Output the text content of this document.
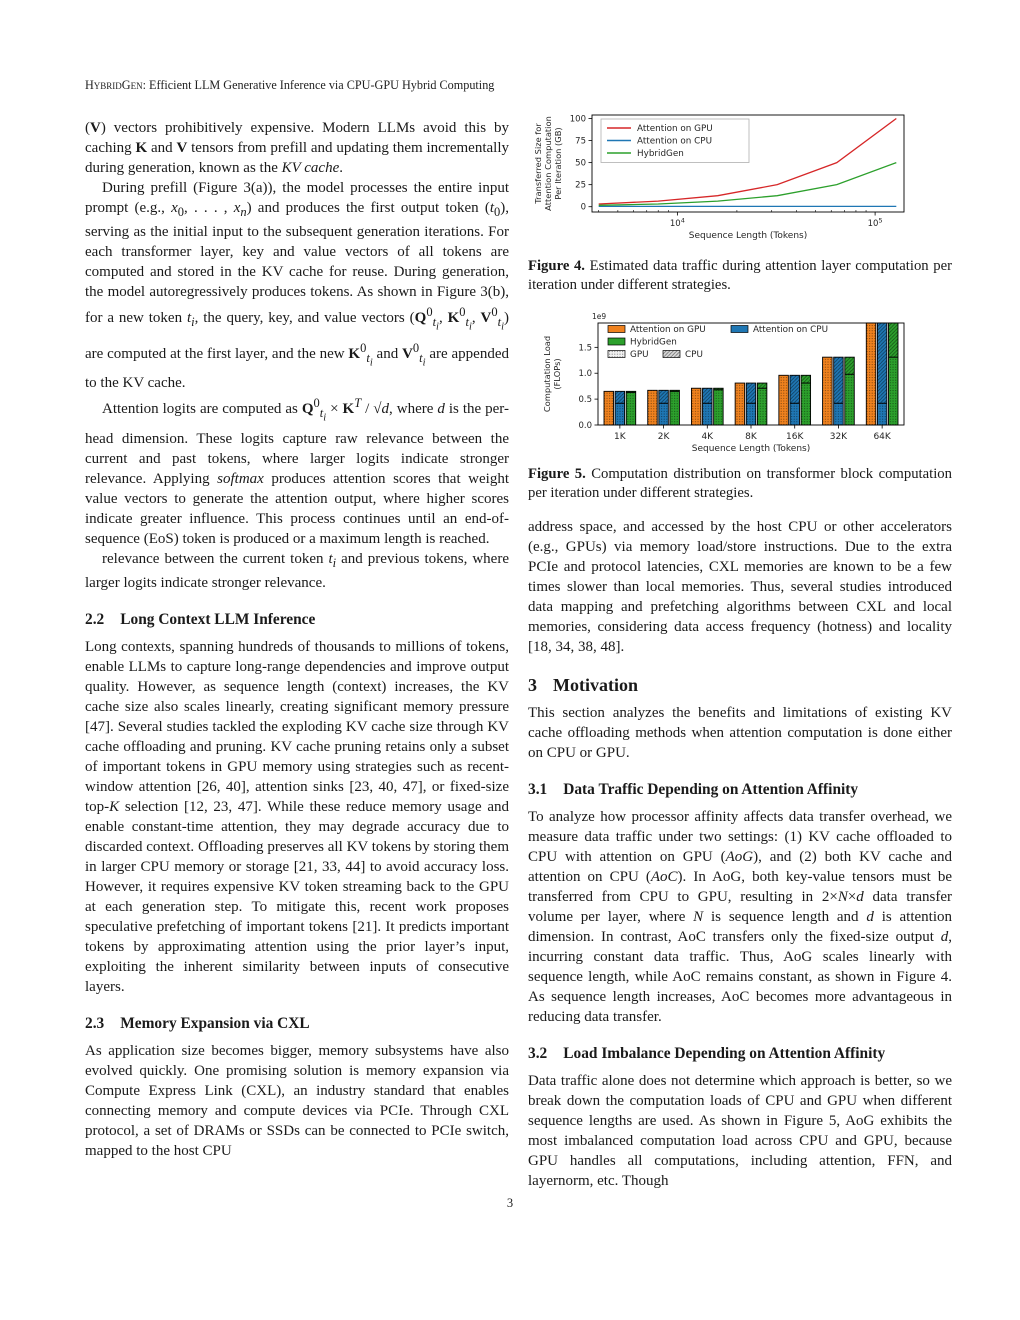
HybridGen: Efficient LLM Generative Inference via CPU-GPU Hybrid Computing

(V) vectors prohibitively expensive. Modern LLMs avoid this by caching K and V tensors from prefill and updating them incrementally during generation, known as the KV cache.

During prefill (Figure 3(a)), the model processes the entire input prompt (e.g., $x_0$, . . . , $x_n$) and produces the first output token $(t_0)$, serving as the initial input to the subsequent generation iterations. For each transformer layer, key and value vectors of all tokens are computed and stored in the KV cache for reuse. During generation, the model autoregressively produces tokens. As shown in Figure 3(b), for a new token $t_i$, the query, key, and value vectors ($Q^0_{t_i}$, $K^0_{t_i}$, $V^0_{t_i}$) are computed at the first layer, and the new $K^0_{t_i}$ and $V^0_{t_i}$ are appended to the KV cache.

Attention logits are computed as $Q^0_{t_i} \times K^T / √d$, where d is the per-head dimension. These logits capture raw relevance between the current and past tokens, where larger logits indicate stronger relevance. Applying softmax produces attention scores that weight value vectors to generate the attention output, where higher scores indicate greater influence. This process continues until an end-of-sequence (EoS) token is produced or a maximum length is reached.

relevance between the current token $t_i$ and previous tokens, where larger logits indicate stronger relevance.

2.2 Long Context LLM Inference

Long contexts, spanning hundreds of thousands to millions of tokens, enable LLMs to capture long-range dependencies and improve output quality. However, as sequence length (context) increases, the KV cache size also scales linearly, creating significant memory pressure [47]. Several studies tackled the exploding KV cache size through KV cache offloading and pruning. KV cache pruning retains only a subset of important tokens in GPU memory using strategies such as recent-window attention [26, 40], attention sinks [23, 40, 47], or fixed-size top-K selection [12, 23, 47]. While these reduce memory usage and enable constant-time attention, they may degrade accuracy due to discarded context. Offloading preserves all KV tokens by storing them in larger CPU memory or storage [21, 33, 44] to avoid accuracy loss. However, it requires expensive KV token streaming back to the GPU at each generation step. To mitigate this, recent work proposes speculative prefetching of important tokens [21]. It predicts important tokens by approximating attention using the prior layer’s input, exploiting the inherent similarity between inputs of consecutive layers.

2.3 Memory Expansion via CXL

As application size becomes bigger, memory subsystems have also evolved quickly. One promising solution is memory expansion via Compute Express Link (CXL), an industry standard that enables connecting memory and compute devices via PCIe. Through CXL protocol, a set of DRAMs or SSDs can be connected to PCIe switch, mapped to the host CPU

0
25
50
75
100
$10^4$	$10^5$
Sequence Length (Tokens)
Transferred Size for Attention Computation Per Iteration (GB)	Attention on GPU
Attention on CPU
HybridGen

Figure 4. Estimated data traffic during attention layer computation per iteration under different strategies.

1e9
0.0
0.5
1.0
1.5
1K	2K	4K	8K	16K	32K	64K
Sequence Length (Tokens)
Computation Load (FLOPs)
Attention on GPU	Attention on CPU
HybridGen
GPU	CPU

Figure 5. Computation distribution on transformer block computation per iteration under different strategies.

address space, and accessed by the host CPU or other accelerators (e.g., GPUs) via memory load/store instructions. Due to the extra PCIe and protocol latencies, CXL memories are known to be a few times slower than local memories. Thus, several studies introduced data mapping and prefetching algorithms between CXL and local memories, considering data access frequency (hotness) and locality [18, 34, 38, 48].

3 Motivation

This section analyzes the benefits and limitations of existing KV cache offloading methods when attention computation is done either on CPU or GPU.

3.1 Data Traffic Depending on Attention Affinity

To analyze how processor affinity affects data transfer overhead, we measure data traffic under two settings: (1) KV cache offloaded to CPU with attention on GPU (AoG), and (2) both KV cache and attention on CPU (AoC). In AoG, both key-value tensors must be transferred from CPU to GPU, resulting in 2×N×d data transfer volume per layer, where N is sequence length and d is attention dimension. In contrast, AoC transfers only the fixed-size output d, incurring constant data traffic. Thus, AoG scales linearly with sequence length, while AoC remains constant, as shown in Figure 4. As sequence length increases, AoC becomes more advantageous in reducing data transfer.

3.2 Load Imbalance Depending on Attention Affinity

Data traffic alone does not determine which approach is better, so we break down the computation loads of CPU and GPU when different sequence lengths are used. As shown in Figure 5, AoG exhibits the most imbalanced computation load across CPU and GPU, because GPU handles all computations, including attention, FFN, and layernorm, etc. Though

3
